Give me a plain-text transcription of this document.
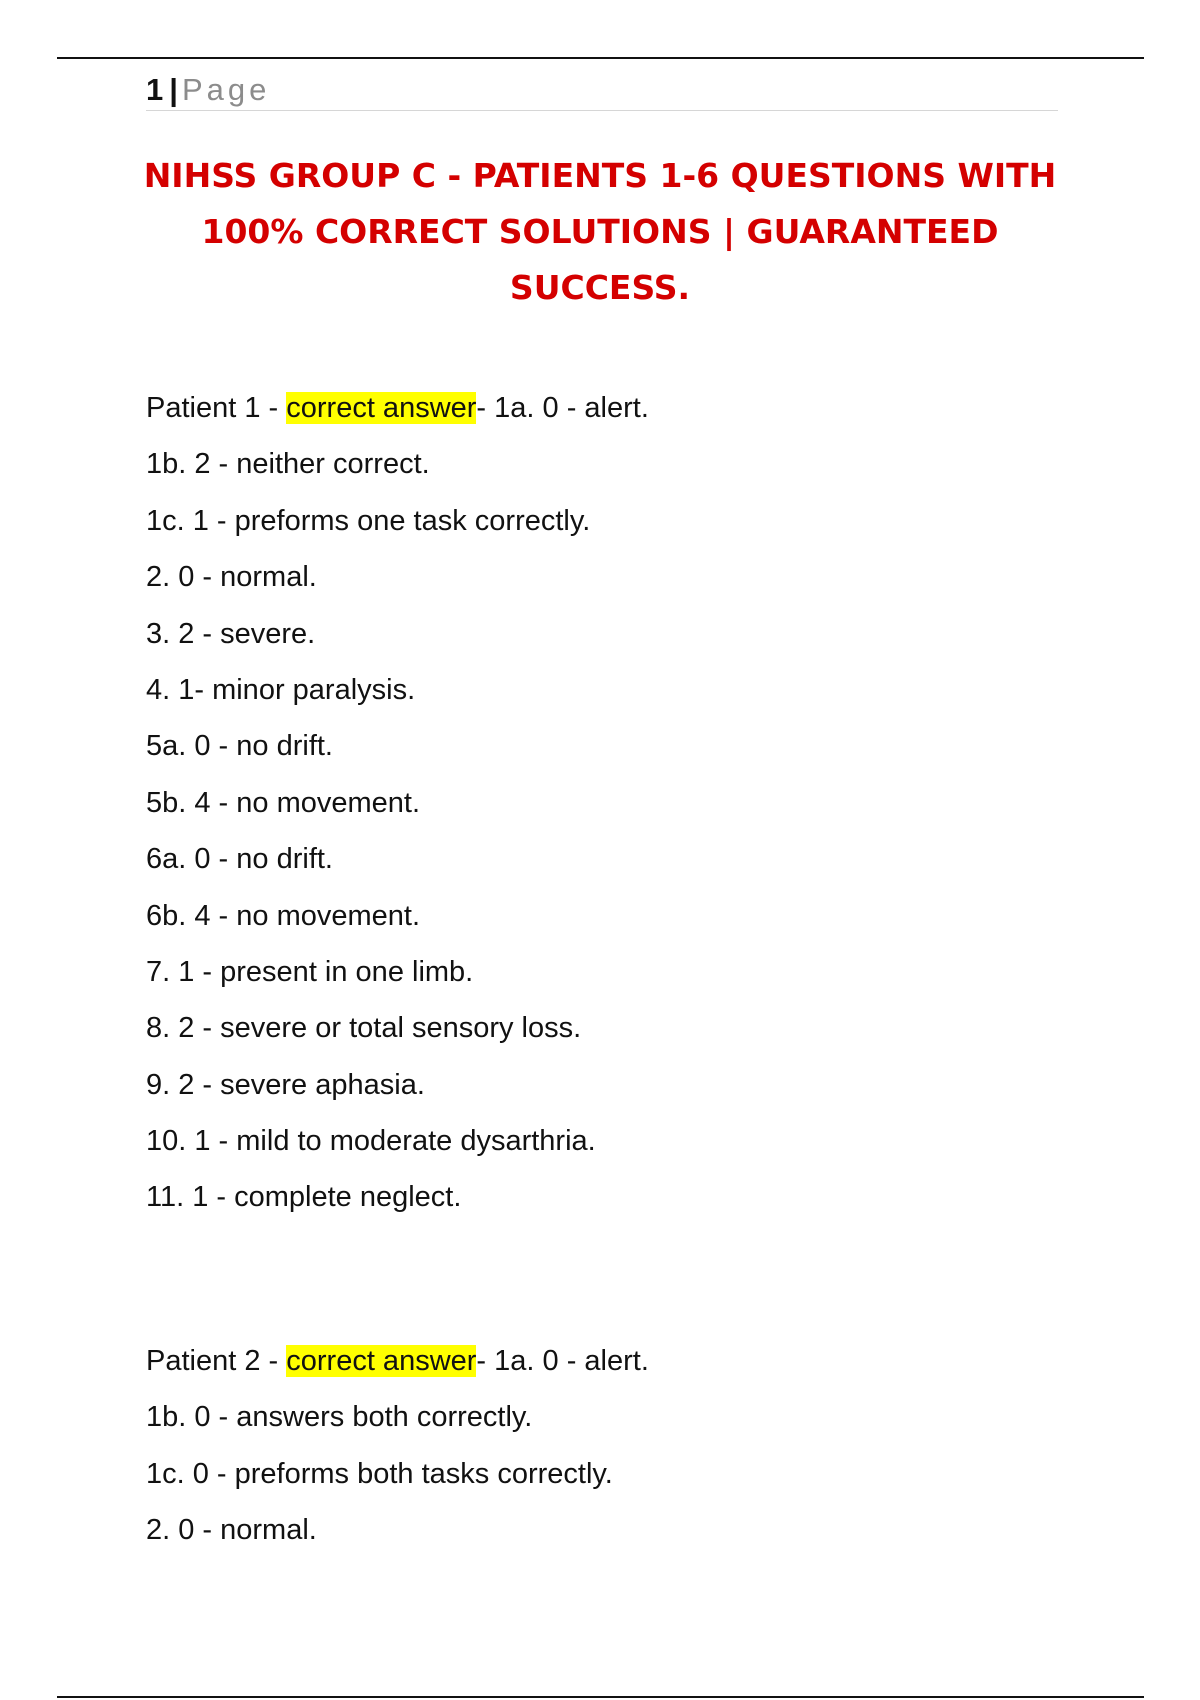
1 | Page
NIHSS GROUP C - PATIENTS 1-6 QUESTIONS WITH 100% CORRECT SOLUTIONS | GUARANTEED SUCCESS.
Patient 1 - correct answer- 1a. 0 - alert.
1b. 2 - neither correct.
1c. 1 - preforms one task correctly.
2. 0 - normal.
3. 2 - severe.
4. 1- minor paralysis.
5a. 0 - no drift.
5b. 4 - no movement.
6a. 0 - no drift.
6b. 4 - no movement.
7. 1 - present in one limb.
8. 2 - severe or total sensory loss.
9. 2 - severe aphasia.
10. 1 - mild to moderate dysarthria.
11. 1 - complete neglect.
Patient 2 - correct answer- 1a. 0 - alert.
1b. 0 - answers both correctly.
1c. 0 - preforms both tasks correctly.
2. 0 - normal.
